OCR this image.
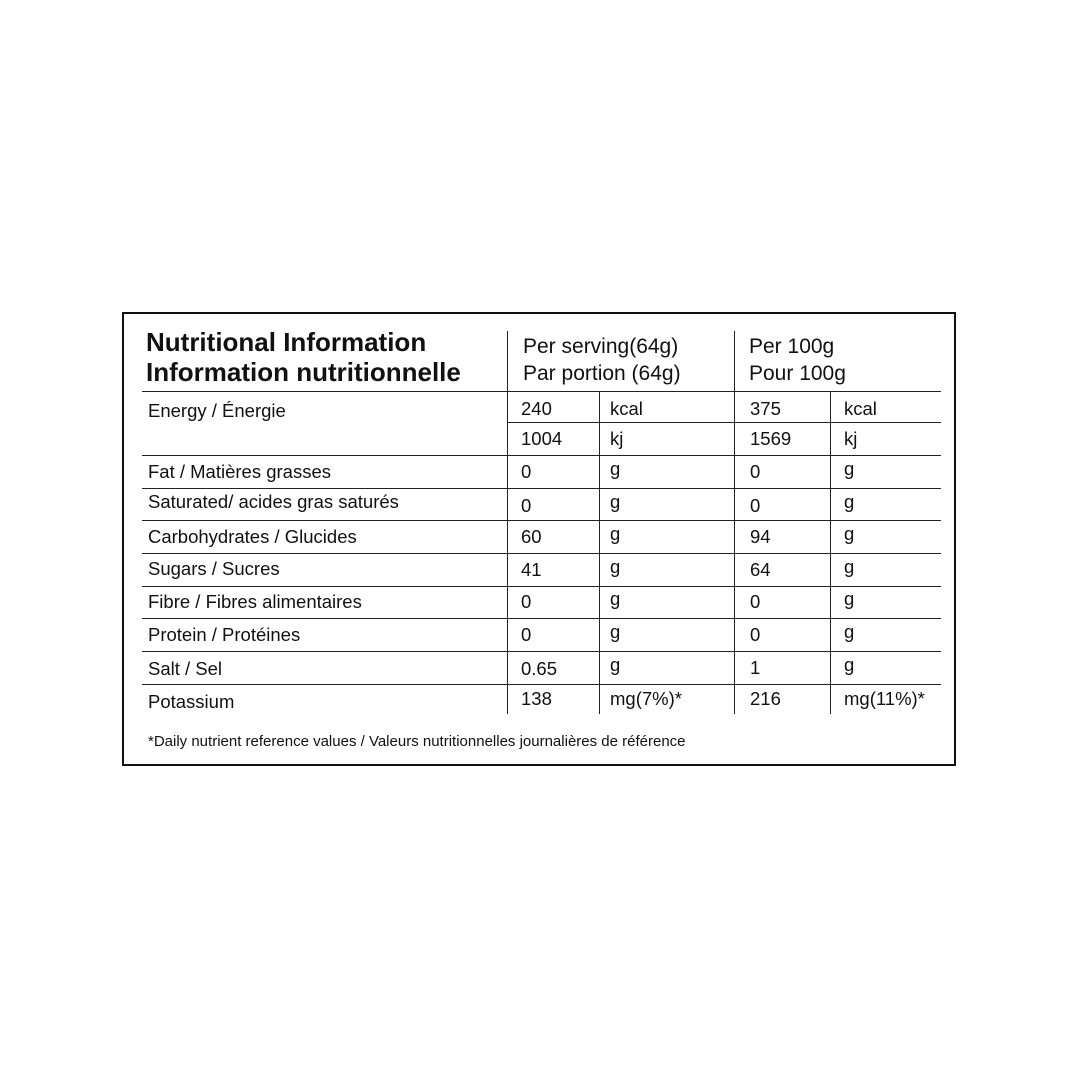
Nutritional Information
Information nutritionnelle
Per serving(64g)
Par portion (64g)
Per 100g
Pour 100g
Energy / Énergie	240	kcal	375	kcal
1004	kj	1569	kj
Fat / Matières grasses	0	g	0	g
Saturated/ acides gras saturés	0	g	0	g
Carbohydrates / Glucides	60	g	94	g
Sugars / Sucres	41	g	64	g
Fibre / Fibres alimentaires	0	g	0	g
Protein / Protéines	0	g	0	g
Salt / Sel	0.65	g	1	g
Potassium	138	mg(7%)*	216	mg(11%)*
*Daily nutrient reference values / Valeurs nutritionnelles journalières de référence
